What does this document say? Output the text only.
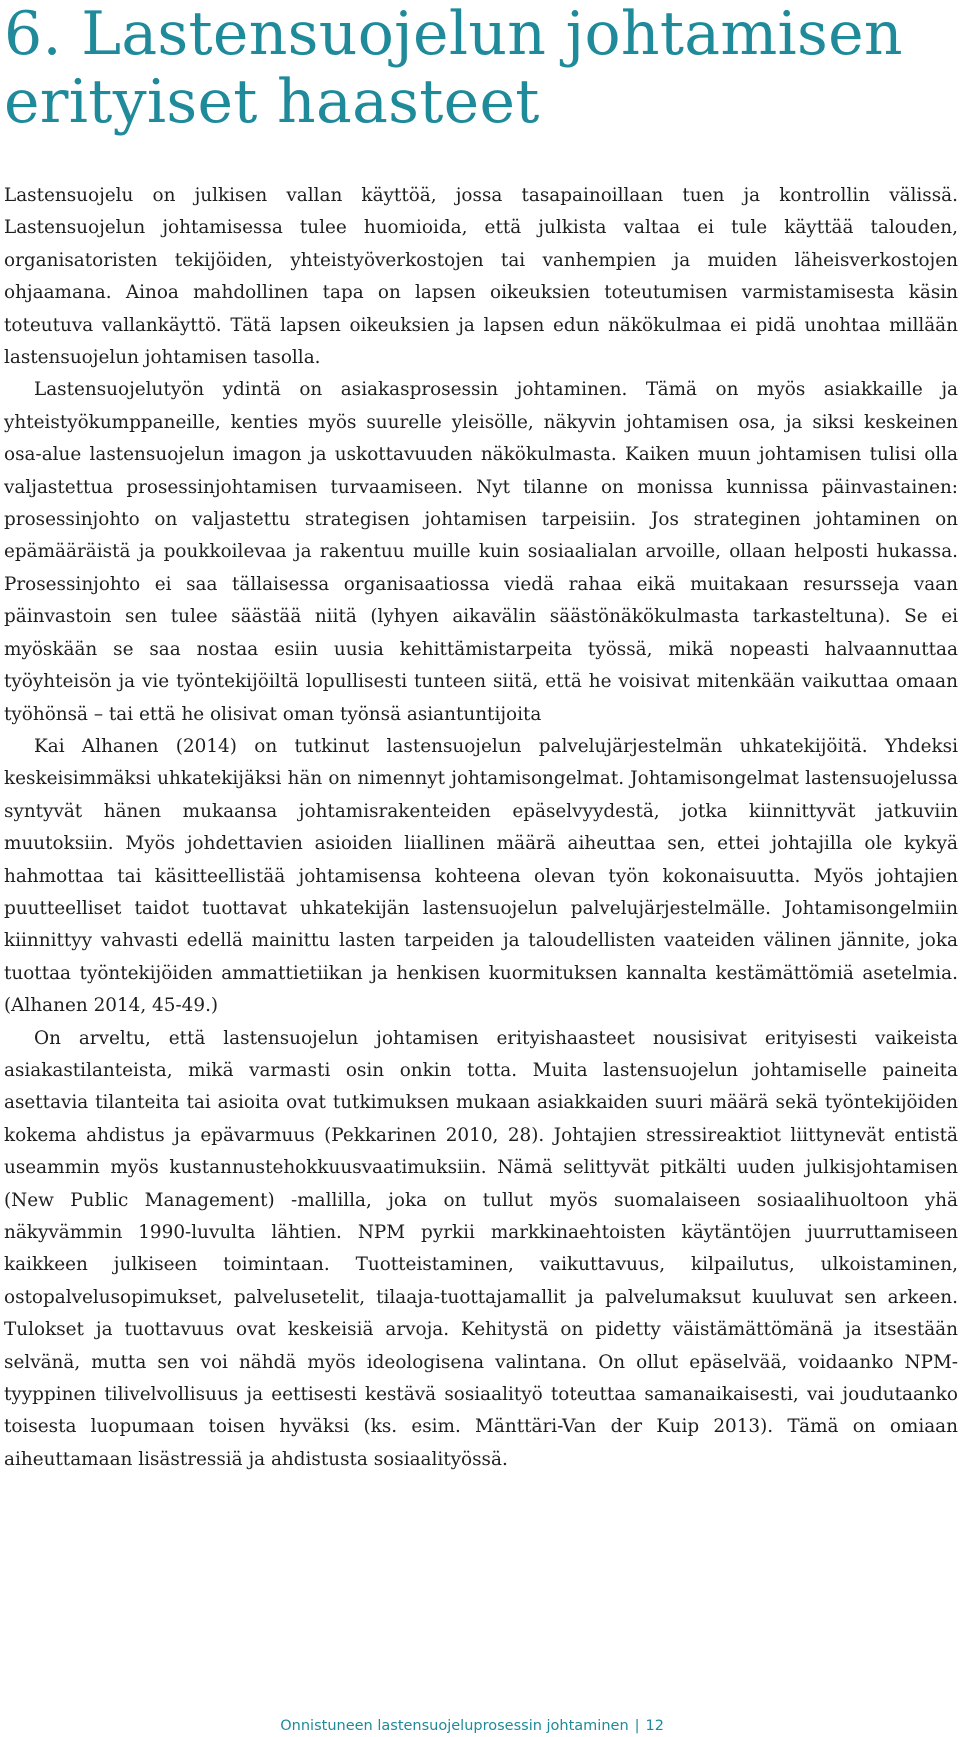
6. Lastensuojelun johtamisen erityiset haasteet

Lastensuojelu on julkisen vallan käyttöä, jossa tasapainoillaan tuen ja kontrollin välissä. Lastensuojelun johtamisessa tulee huomioida, että julkista valtaa ei tule käyttää talouden, organisatoristen tekijöiden, yhteistyöverkostojen tai vanhempien ja muiden läheisverkostojen ohjaamana. Ainoa mahdollinen tapa on lapsen oikeuksien toteutumisen varmistamisesta käsin toteutuva vallankäyttö. Tätä lapsen oikeuksien ja lapsen edun näkökulmaa ei pidä unohtaa millään lastensuojelun johtamisen tasolla.

Lastensuojelutyön ydintä on asiakasprosessin johtaminen. Tämä on myös asiakkaille ja yhteistyökumppaneille, kenties myös suurelle yleisölle, näkyvin johtamisen osa, ja siksi keskeinen osa-alue lastensuojelun imagon ja uskottavuuden näkökulmasta. Kaiken muun johtamisen tulisi olla valjastettua prosessinjohtamisen turvaamiseen. Nyt tilanne on monissa kunnissa päinvastainen: prosessinjohto on valjastettu strategisen johtamisen tarpeisiin. Jos strateginen johtaminen on epämääräistä ja poukkoilevaa ja rakentuu muille kuin sosiaalialan arvoille, ollaan helposti hukassa. Prosessinjohto ei saa tällaisessa organisaatiossa viedä rahaa eikä muitakaan resursseja vaan päinvastoin sen tulee säästää niitä (lyhyen aikavälin säästönäkökulmasta tarkasteltuna). Se ei myöskään se saa nostaa esiin uusia kehittämistarpeita työssä, mikä nopeasti halvaannuttaa työyhteisön ja vie työntekijöiltä lopullisesti tunteen siitä, että he voisivat mitenkään vaikuttaa omaan työhönsä – tai että he olisivat oman työnsä asiantuntijoita

Kai Alhanen (2014) on tutkinut lastensuojelun palvelujärjestelmän uhkatekijöitä. Yhdeksi keskeisimmäksi uhkatekijäksi hän on nimennyt johtamisongelmat. Johtamisongelmat lastensuojelussa syntyvät hänen mukaansa johtamisrakenteiden epäselvyydestä, jotka kiinnittyvät jatkuviin muutoksiin. Myös johdettavien asioiden liiallinen määrä aiheuttaa sen, ettei johtajilla ole kykyä hahmottaa tai käsitteellistää johtamisensa kohteena olevan työn kokonaisuutta. Myös johtajien puutteelliset taidot tuottavat uhkatekijän lastensuojelun palvelujärjestelmälle. Johtamisongelmiin kiinnittyy vahvasti edellä mainittu lasten tarpeiden ja taloudellisten vaateiden välinen jännite, joka tuottaa työntekijöiden ammattietiikan ja henkisen kuormituksen kannalta kestämättömiä asetelmia. (Alhanen 2014, 45-49.)

On arveltu, että lastensuojelun johtamisen erityishaasteet nousisivat erityisesti vaikeista asiakastilanteista, mikä varmasti osin onkin totta. Muita lastensuojelun johtamiselle paineita asettavia tilanteita tai asioita ovat tutkimuksen mukaan asiakkaiden suuri määrä sekä työntekijöiden kokema ahdistus ja epävarmuus (Pekkarinen 2010, 28). Johtajien stressireaktiot liittynevät entistä useammin myös kustannustehokkuusvaatimuksiin. Nämä selittyvät pitkälti uuden julkisjohtamisen (New Public Management) -mallilla, joka on tullut myös suomalaiseen sosiaalihuoltoon yhä näkyvämmin 1990-luvulta lähtien. NPM pyrkii markkinaehtoisten käytäntöjen juurruttamiseen kaikkeen julkiseen toimintaan. Tuotteistaminen, vaikuttavuus, kilpailutus, ulkoistaminen, ostopalvelusopimukset, palvelusetelit, tilaaja-tuottajamallit ja palvelumaksut kuuluvat sen arkeen. Tulokset ja tuottavuus ovat keskeisiä arvoja. Kehitystä on pidetty väistämättömänä ja itsestään selvänä, mutta sen voi nähdä myös ideologisena valintana. On ollut epäselvää, voidaanko NPM-tyyppinen tilivelvollisuus ja eettisesti kestävä sosiaalityö toteuttaa samanaikaisesti, vai joudutaanko toisesta luopumaan toisen hyväksi (ks. esim. Mänttäri-Van der Kuip 2013). Tämä on omiaan aiheuttamaan lisästressiä ja ahdistusta sosiaalityössä.

Onnistuneen lastensuojeluprosessin johtaminen | 12
